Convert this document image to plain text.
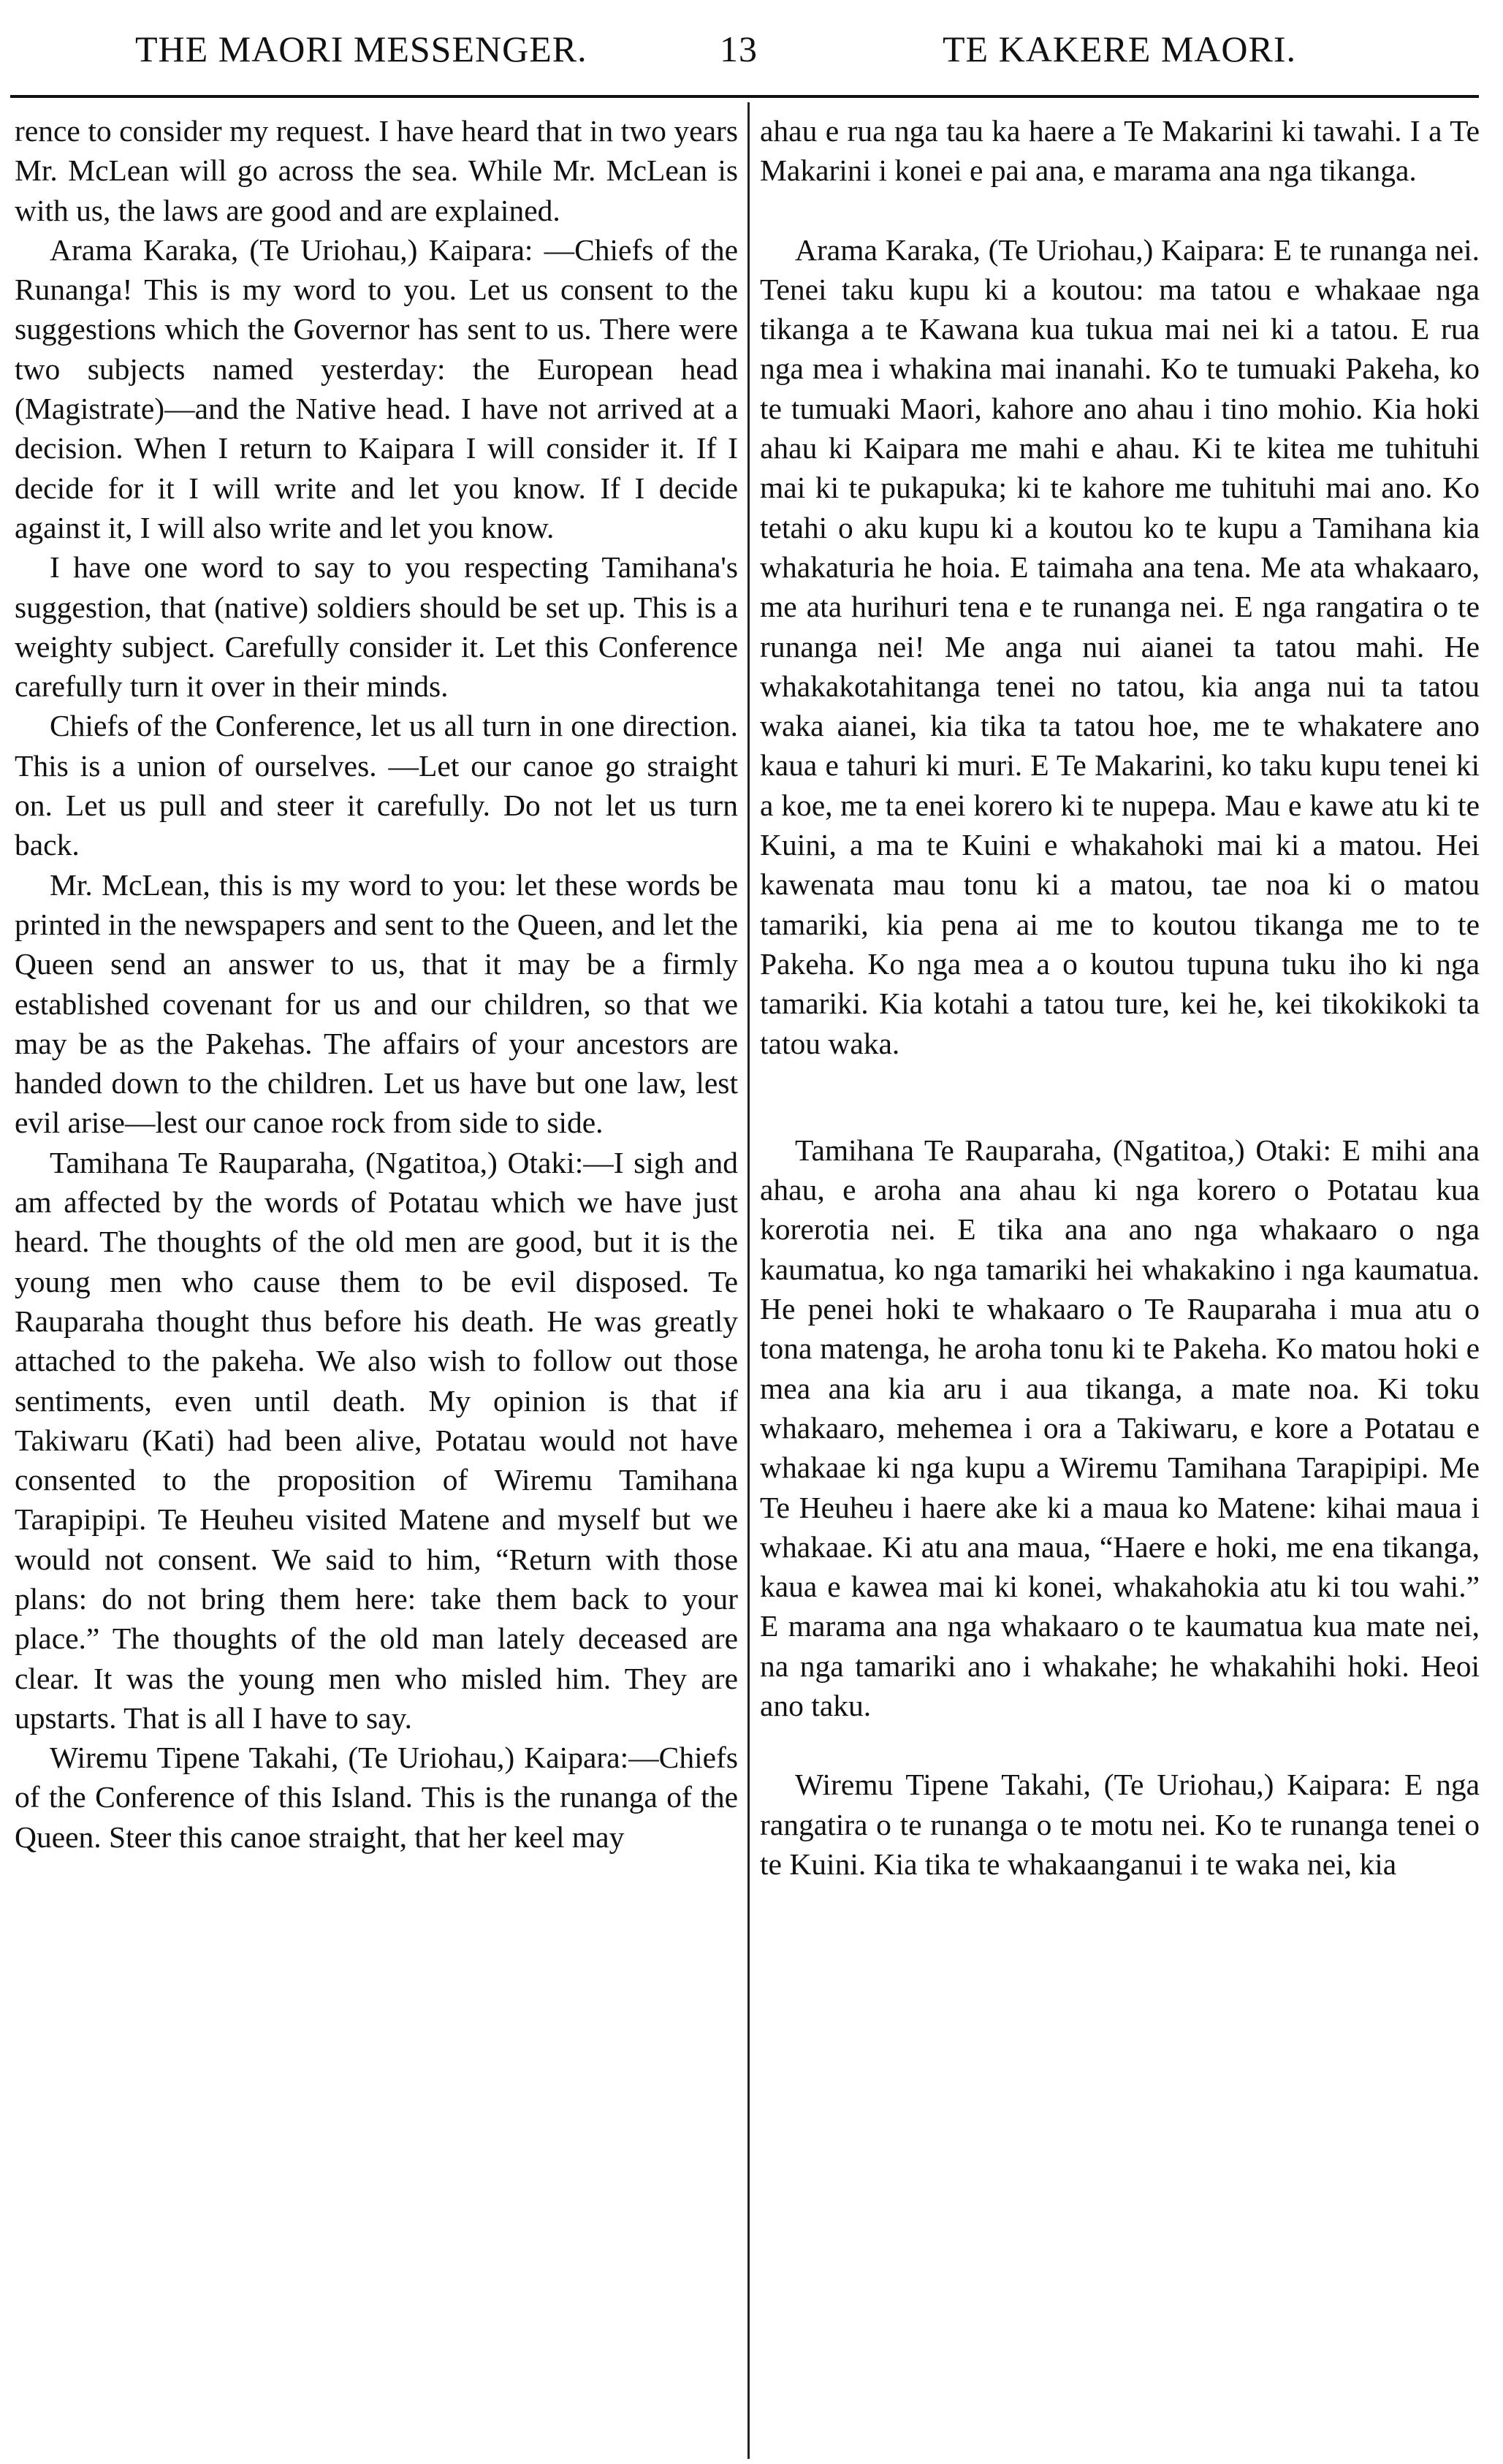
THE MAORI MESSENGER.	13	TE KAKERE MAORI.

rence to consider my request. I have heard that in two years Mr. McLean will go across the sea. While Mr. McLean is with us, the laws are good and are explained.

Arama Karaka, (Te Uriohau,) Kaipara: —Chiefs of the Runanga! This is my word to you. Let us consent to the suggestions which the Governor has sent to us. There were two subjects named yesterday: the European head (Magistrate)—and the Native head. I have not arrived at a decision. When I return to Kaipara I will consider it. If I decide for it I will write and let you know. If I decide against it, I will also write and let you know.

I have one word to say to you respecting Tamihana's suggestion, that (native) soldiers should be set up. This is a weighty subject. Carefully consider it. Let this Conference carefully turn it over in their minds.

Chiefs of the Conference, let us all turn in one direction. This is a union of ourselves. —Let our canoe go straight on. Let us pull and steer it carefully. Do not let us turn back.

Mr. McLean, this is my word to you: let these words be printed in the newspapers and sent to the Queen, and let the Queen send an answer to us, that it may be a firmly established covenant for us and our children, so that we may be as the Pakehas. The affairs of your ancestors are handed down to the children. Let us have but one law, lest evil arise—lest our canoe rock from side to side.

Tamihana Te Rauparaha, (Ngatitoa,) Otaki:—I sigh and am affected by the words of Potatau which we have just heard. The thoughts of the old men are good, but it is the young men who cause them to be evil disposed. Te Rauparaha thought thus before his death. He was greatly attached to the pakeha. We also wish to follow out those sentiments, even until death. My opinion is that if Takiwaru (Kati) had been alive, Potatau would not have consented to the proposition of Wiremu Tamihana Tarapipipi. Te Heuheu visited Matene and myself but we would not consent. We said to him, “Return with those plans: do not bring them here: take them back to your place.” The thoughts of the old man lately deceased are clear. It was the young men who misled him. They are upstarts. That is all I have to say.

Wiremu Tipene Takahi, (Te Uriohau,) Kaipara:—Chiefs of the Conference of this Island. This is the runanga of the Queen. Steer this canoe straight, that her keel may

ahau e rua nga tau ka haere a Te Makarini ki tawahi. I a Te Makarini i konei e pai ana, e marama ana nga tikanga.

Arama Karaka, (Te Uriohau,) Kaipara: E te runanga nei. Tenei taku kupu ki a koutou: ma tatou e whakaae nga tikanga a te Kawana kua tukua mai nei ki a tatou. E rua nga mea i whakina mai inanahi. Ko te tumuaki Pakeha, ko te tumuaki Maori, kahore ano ahau i tino mohio. Kia hoki ahau ki Kaipara me mahi e ahau. Ki te kitea me tuhituhi mai ki te pukapuka; ki te kahore me tuhituhi mai ano. Ko tetahi o aku kupu ki a koutou ko te kupu a Tamihana kia whakaturia he hoia. E taimaha ana tena. Me ata whakaaro, me ata hurihuri tena e te runanga nei. E nga rangatira o te runanga nei! Me anga nui aianei ta tatou mahi. He whakakotahitanga tenei no tatou, kia anga nui ta tatou waka aianei, kia tika ta tatou hoe, me te whakatere ano kaua e tahuri ki muri. E Te Makarini, ko taku kupu tenei ki a koe, me ta enei korero ki te nupepa. Mau e kawe atu ki te Kuini, a ma te Kuini e whakahoki mai ki a matou. Hei kawenata mau tonu ki a matou, tae noa ki o matou tamariki, kia pena ai me to koutou tikanga me to te Pakeha. Ko nga mea a o koutou tupuna tuku iho ki nga tamariki. Kia kotahi a tatou ture, kei he, kei tikokikoki ta tatou waka.

Tamihana Te Rauparaha, (Ngatitoa,) Otaki: E mihi ana ahau, e aroha ana ahau ki nga korero o Potatau kua korerotia nei. E tika ana ano nga whakaaro o nga kaumatua, ko nga tamariki hei whakakino i nga kaumatua. He penei hoki te whakaaro o Te Rauparaha i mua atu o tona matenga, he aroha tonu ki te Pakeha. Ko matou hoki e mea ana kia aru i aua tikanga, a mate noa. Ki toku whakaaro, mehemea i ora a Takiwaru, e kore a Potatau e whakaae ki nga kupu a Wiremu Tamihana Tarapipipi. Me Te Heuheu i haere ake ki a maua ko Matene: kihai maua i whakaae. Ki atu ana maua, “Haere e hoki, me ena tikanga, kaua e kawea mai ki konei, whakahokia atu ki tou wahi.” E marama ana nga whakaaro o te kaumatua kua mate nei, na nga tamariki ano i whakahe; he whakahihi hoki. Heoi ano taku.

Wiremu Tipene Takahi, (Te Uriohau,) Kaipara: E nga rangatira o te runanga o te motu nei. Ko te runanga tenei o te Kuini. Kia tika te whakaanganui i te waka nei, kia
